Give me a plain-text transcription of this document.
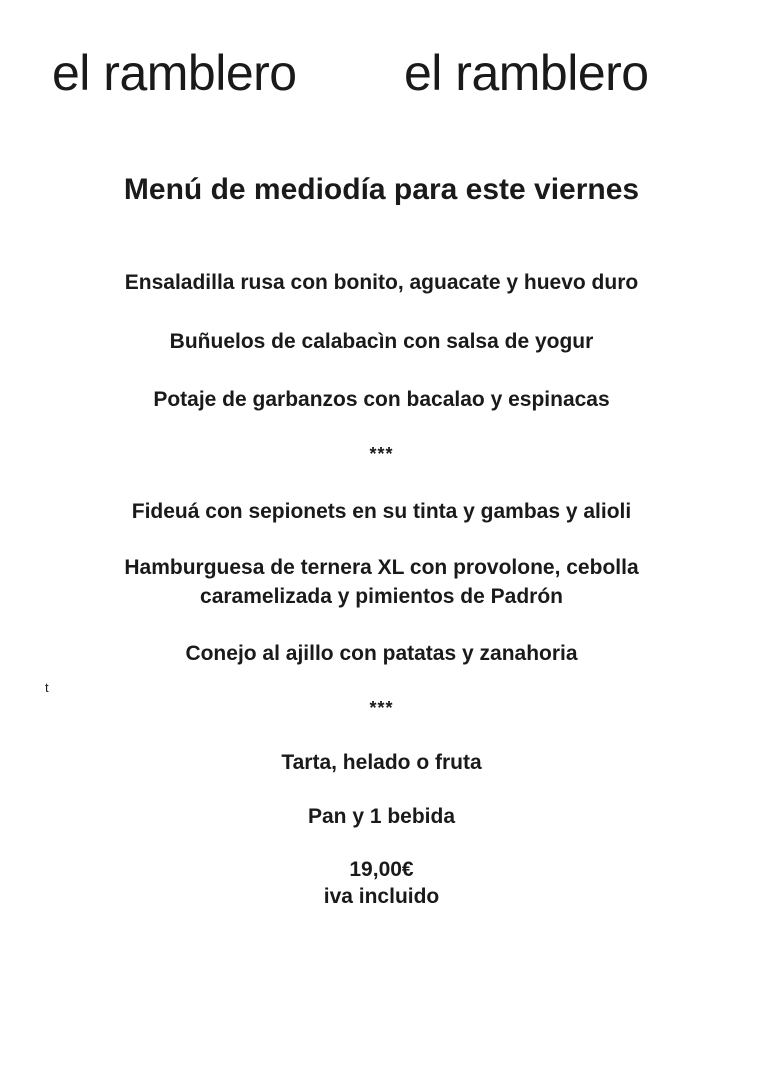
el ramblero el ramblero
Menú de mediodía para este viernes
Ensaladilla rusa con bonito, aguacate y huevo duro
Buñuelos de calabacìn con salsa de yogur
Potaje de garbanzos con bacalao y espinacas
***
Fideuá con sepionets en su tinta y gambas y alioli
Hamburguesa de ternera XL con provolone, cebolla
caramelizada y pimientos de Padrón
Conejo al ajillo con patatas y zanahoria
t
***
Tarta, helado o fruta
Pan y 1 bebida
19,00€
iva incluido
